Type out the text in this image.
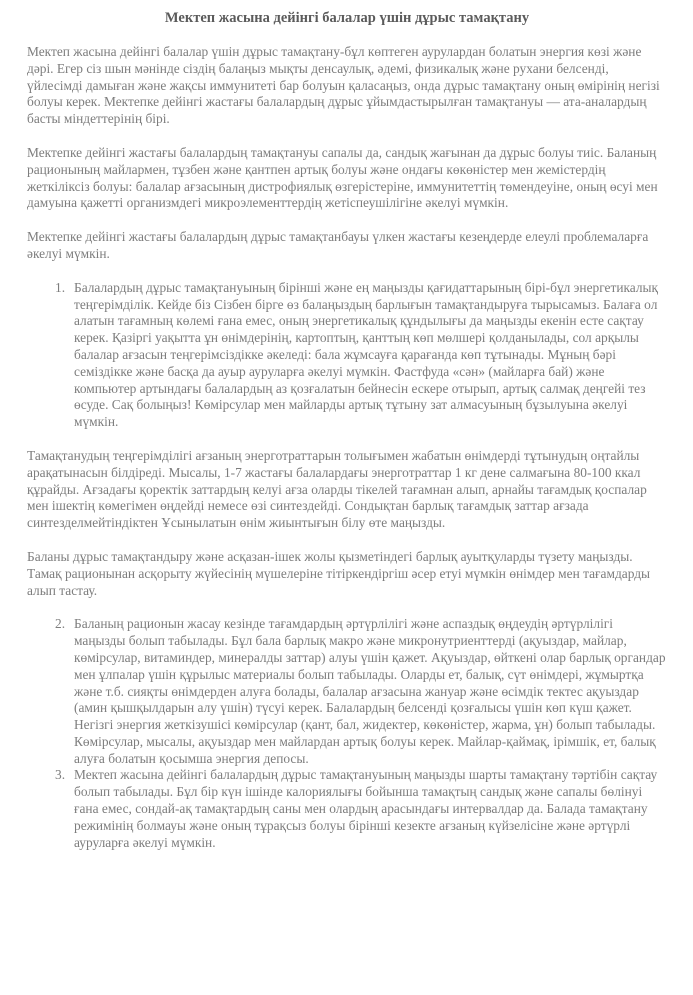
Мектеп жасына дейінгі балалар үшін дұрыс тамақтану

Мектеп жасына дейінгі балалар үшін дұрыс тамақтану-бұл көптеген аурулардан болатын энергия көзі және дәрі. Егер сіз шын мәнінде сіздің балаңыз мықты денсаулық, әдемі, физикалық және рухани белсенді, үйлесімді дамыған және жақсы иммунитеті бар болуын қаласаңыз, онда дұрыс тамақтану оның өмірінің негізі болуы керек. Мектепке дейінгі жастағы балалардың дұрыс ұйымдастырылған тамақтануы — ата-аналардың басты міндеттерінің бірі.

Мектепке дейінгі жастағы балалардың тамақтануы сапалы да, сандық жағынан да дұрыс болуы тиіс. Баланың рационының майлармен, тұзбен және қантпен артық болуы және ондағы көкөністер мен жемістердің жеткіліксіз болуы: балалар ағзасының дистрофиялық өзгерістеріне, иммунитеттің төмендеуіне, оның өсуі мен дамуына қажетті организмдегі микроэлементтердің жетіспеушілігіне әкелуі мүмкін.

Мектепке дейінгі жастағы балалардың дұрыс тамақтанбауы үлкен жастағы кезеңдерде елеулі проблемаларға әкелуі мүмкін.

1. Балалардың дұрыс тамақтануының бірінші және ең маңызды қағидаттарының бірі-бұл энергетикалық теңгерімділік. Кейде біз Сізбен бірге өз балаңыздың барлығын тамақтандыруға тырысамыз. Балаға ол алатын тағамның көлемі ғана емес, оның энергетикалық құндылығы да маңызды екенін есте сақтау керек. Қазіргі уақытта ұн өнімдерінің, картоптың, қанттың көп мөлшері қолданылады, сол арқылы балалар ағзасын теңгерімсіздікке әкеледі: бала жұмсауға қарағанда көп тұтынады. Мұның бәрі семіздікке және басқа да ауыр ауруларға әкелуі мүмкін. Фастфуда «сән» (майларға бай) және компьютер артындағы балалардың аз қозғалатын бейнесін ескере отырып, артық салмақ деңгейі тез өсуде. Сақ болыңыз! Көмірсулар мен майларды артық тұтыну зат алмасуының бұзылуына әкелуі мүмкін.

Тамақтанудың теңгерімділігі ағзаның энерготраттарын толығымен жабатын өнімдерді тұтынудың оңтайлы арақатынасын білдіреді. Мысалы, 1-7 жастағы балалардағы энерготраттар 1 кг дене салмағына 80-100 ккал құрайды. Ағзадағы қоректік заттардың келуі ағза оларды тікелей тағамнан алып, арнайы тағамдық қоспалар мен ішектің көмегімен өңдейді немесе өзі синтездейді. Сондықтан барлық тағамдық заттар ағзада синтезделмейтіндіктен Ұсынылатын өнім жиынтығын білу өте маңызды.

Баланы дұрыс тамақтандыру және асқазан-ішек жолы қызметіндегі барлық ауытқуларды түзету маңызды. Тамақ рационынан асқорыту жүйесінің мүшелеріне тітіркендіргіш әсер етуі мүмкін өнімдер мен тағамдарды алып тастау.

2. Баланың рационын жасау кезінде тағамдардың әртүрлілігі және аспаздық өңдеудің әртүрлілігі маңызды болып табылады. Бұл бала барлық макро және микронутриенттерді (ақуыздар, майлар, көмірсулар, витаминдер, минералды заттар) алуы үшін қажет. Ақуыздар, өйткені олар барлық органдар мен ұлпалар үшін құрылыс материалы болып табылады. Оларды ет, балық, сүт өнімдері, жұмыртқа және т.б. сияқты өнімдерден алуға болады, балалар ағзасына жануар және өсімдік тектес ақуыздар (амин қышқылдарын алу үшін) түсуі керек. Балалардың белсенді қозғалысы үшін көп күш қажет. Негізгі энергия жеткізушісі көмірсулар (қант, бал, жидектер, көкөністер, жарма, ұн) болып табылады. Көмірсулар, мысалы, ақуыздар мен майлардан артық болуы керек. Майлар-қаймақ, ірімшік, ет, балық алуға болатын қосымша энергия депосы.
3. Мектеп жасына дейінгі балалардың дұрыс тамақтануының маңызды шарты тамақтану тәртібін сақтау болып табылады. Бұл бір күн ішінде калориялығы бойынша тамақтың сандық және сапалы бөлінуі ғана емес, сондай-ақ тамақтардың саны мен олардың арасындағы интервалдар да. Балада тамақтану режимінің болмауы және оның тұрақсыз болуы бірінші кезекте ағзаның күйзелісіне және әртүрлі ауруларға әкелуі мүмкін.
